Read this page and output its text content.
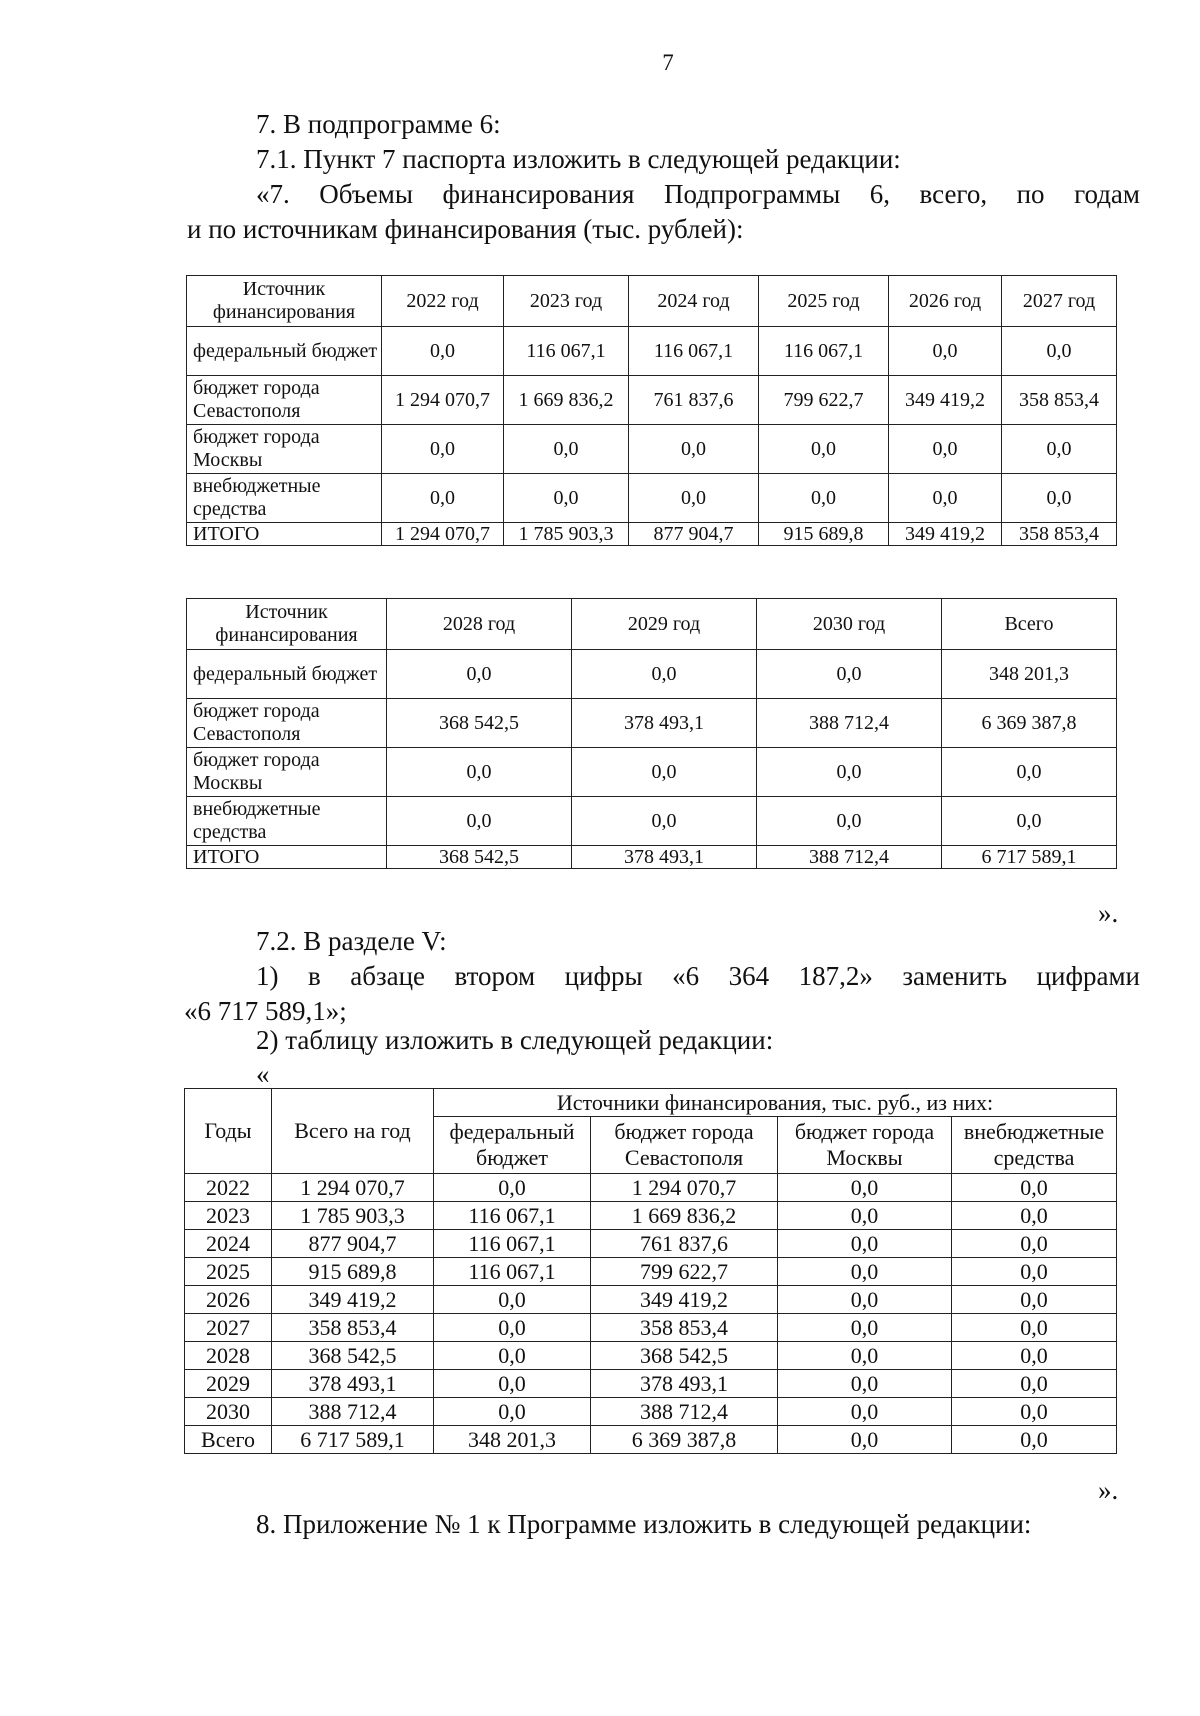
7
7. В подпрограмме 6:
7.1. Пункт 7 паспорта изложить в следующей редакции:
«7. Объемы финансирования Подпрограммы 6, всего, по годам
и по источникам финансирования (тыс. рублей):
Источник финансирования	2022 год	2023 год	2024 год	2025 год	2026 год	2027 год
федеральный бюджет	0,0	116 067,1	116 067,1	116 067,1	0,0	0,0
бюджет города Севастополя	1 294 070,7	1 669 836,2	761 837,6	799 622,7	349 419,2	358 853,4
бюджет города Москвы	0,0	0,0	0,0	0,0	0,0	0,0
внебюджетные средства	0,0	0,0	0,0	0,0	0,0	0,0
ИТОГО	1 294 070,7	1 785 903,3	877 904,7	915 689,8	349 419,2	358 853,4
Источник финансирования	2028 год	2029 год	2030 год	Всего
федеральный бюджет	0,0	0,0	0,0	348 201,3
бюджет города Севастополя	368 542,5	378 493,1	388 712,4	6 369 387,8
бюджет города Москвы	0,0	0,0	0,0	0,0
внебюджетные средства	0,0	0,0	0,0	0,0
ИТОГО	368 542,5	378 493,1	388 712,4	6 717 589,1
».
7.2. В разделе V:
1) в абзаце втором цифры «6 364 187,2» заменить цифрами
«6 717 589,1»;
2) таблицу изложить в следующей редакции:
«
Годы	Всего на год	Источники финансирования, тыс. руб., из них:			
		федеральный бюджет	бюджет города Севастополя	бюджет города Москвы	внебюджетные средства
2022	1 294 070,7	0,0	1 294 070,7	0,0	0,0
2023	1 785 903,3	116 067,1	1 669 836,2	0,0	0,0
2024	877 904,7	116 067,1	761 837,6	0,0	0,0
2025	915 689,8	116 067,1	799 622,7	0,0	0,0
2026	349 419,2	0,0	349 419,2	0,0	0,0
2027	358 853,4	0,0	358 853,4	0,0	0,0
2028	368 542,5	0,0	368 542,5	0,0	0,0
2029	378 493,1	0,0	378 493,1	0,0	0,0
2030	388 712,4	0,0	388 712,4	0,0	0,0
Всего	6 717 589,1	348 201,3	6 369 387,8	0,0	0,0
».
8. Приложение № 1 к Программе изложить в следующей редакции:
